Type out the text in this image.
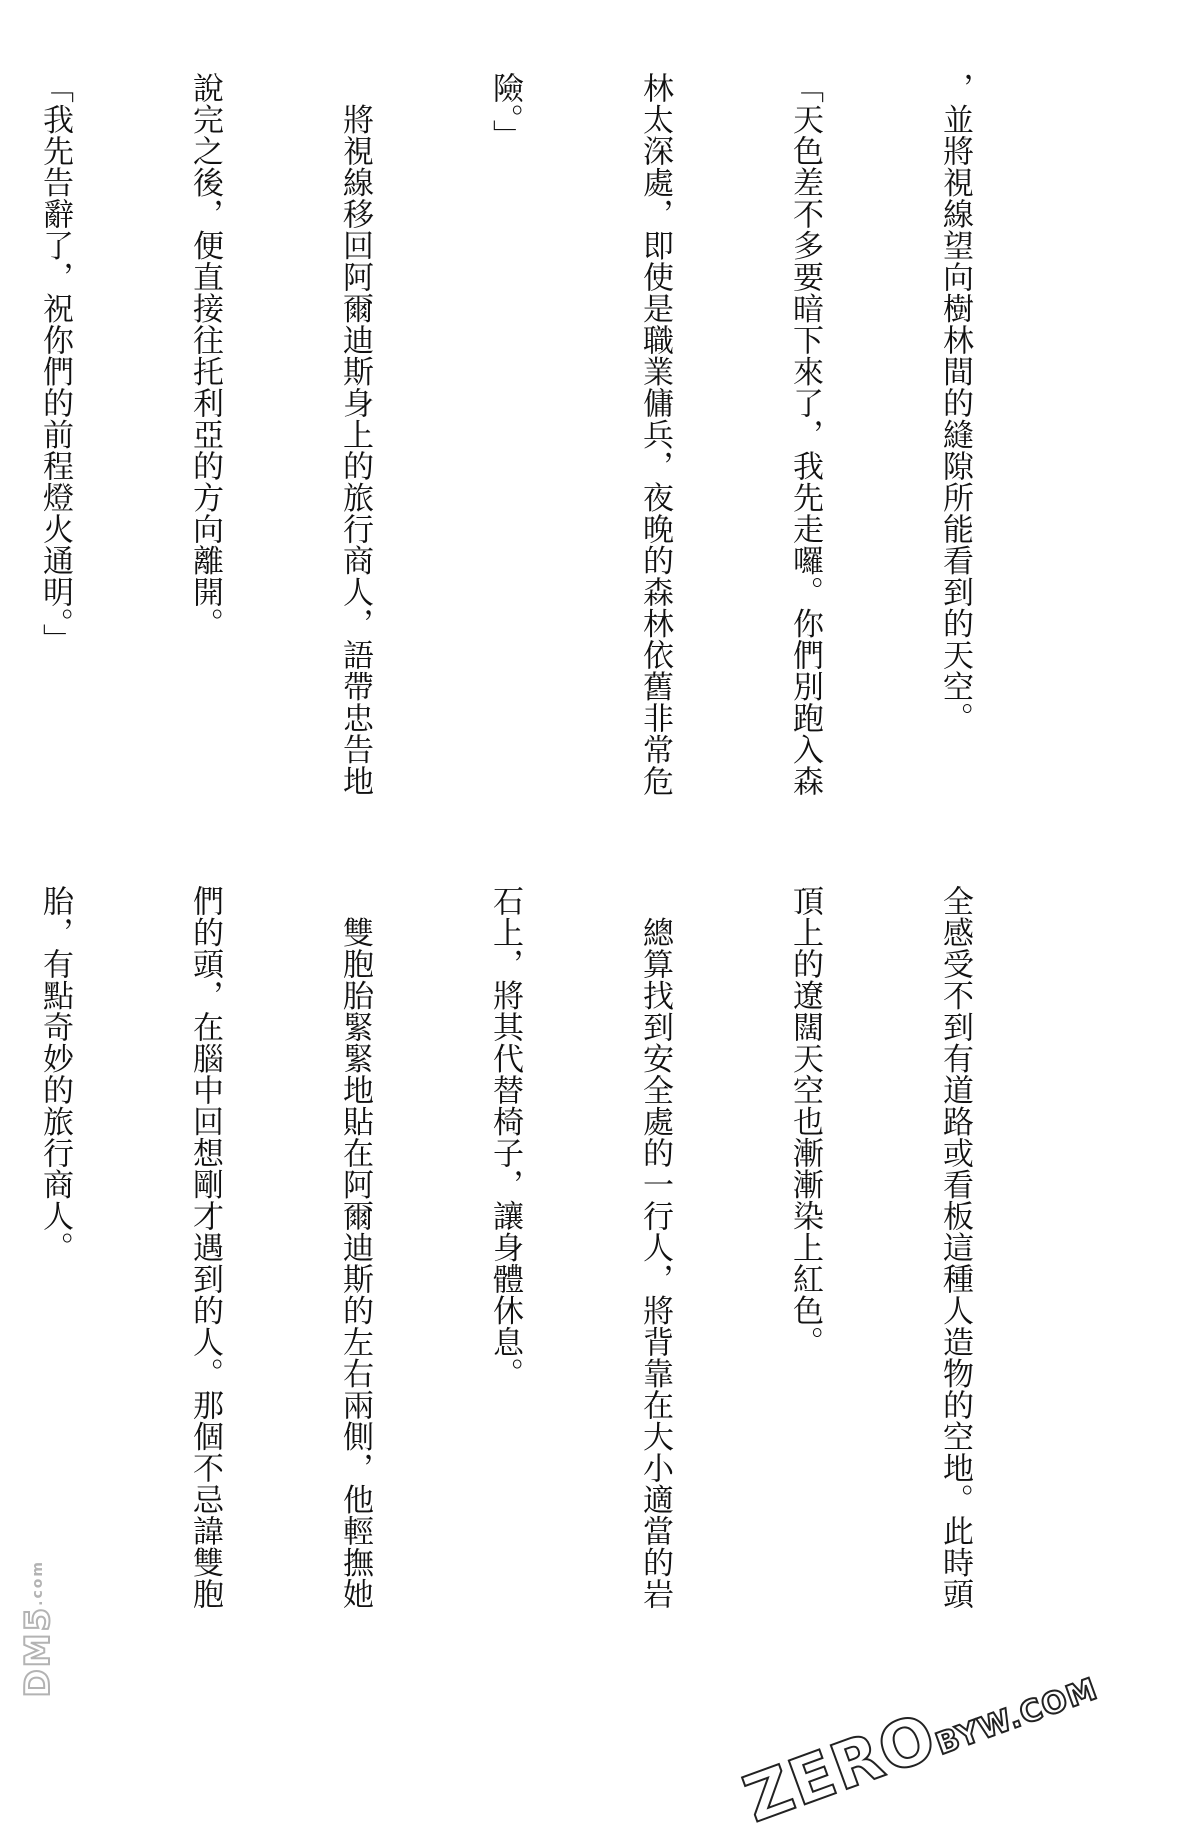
，並將視線望向樹林間的縫隙所能看到的天空。

「天色差不多要暗下來了，我先走囉。你們別跑入森

林太深處，即使是職業傭兵，夜晚的森林依舊非常危

險。」

　將視線移回阿爾迪斯身上的旅行商人，語帶忠告地

說完之後，便直接往托利亞的方向離開。

「我先告辭了，祝你們的前程燈火通明。」

全感受不到有道路或看板這種人造物的空地。此時頭

頂上的遼闊天空也漸漸染上紅色。

　總算找到安全處的一行人，將背靠在大小適當的岩

石上，將其代替椅子，讓身體休息。

　雙胞胎緊緊地貼在阿爾迪斯的左右兩側，他輕撫她

們的頭，在腦中回想剛才遇到的人。那個不忌諱雙胞

胎，有點奇妙的旅行商人。

DM5.com
ZEROBYW.COM
